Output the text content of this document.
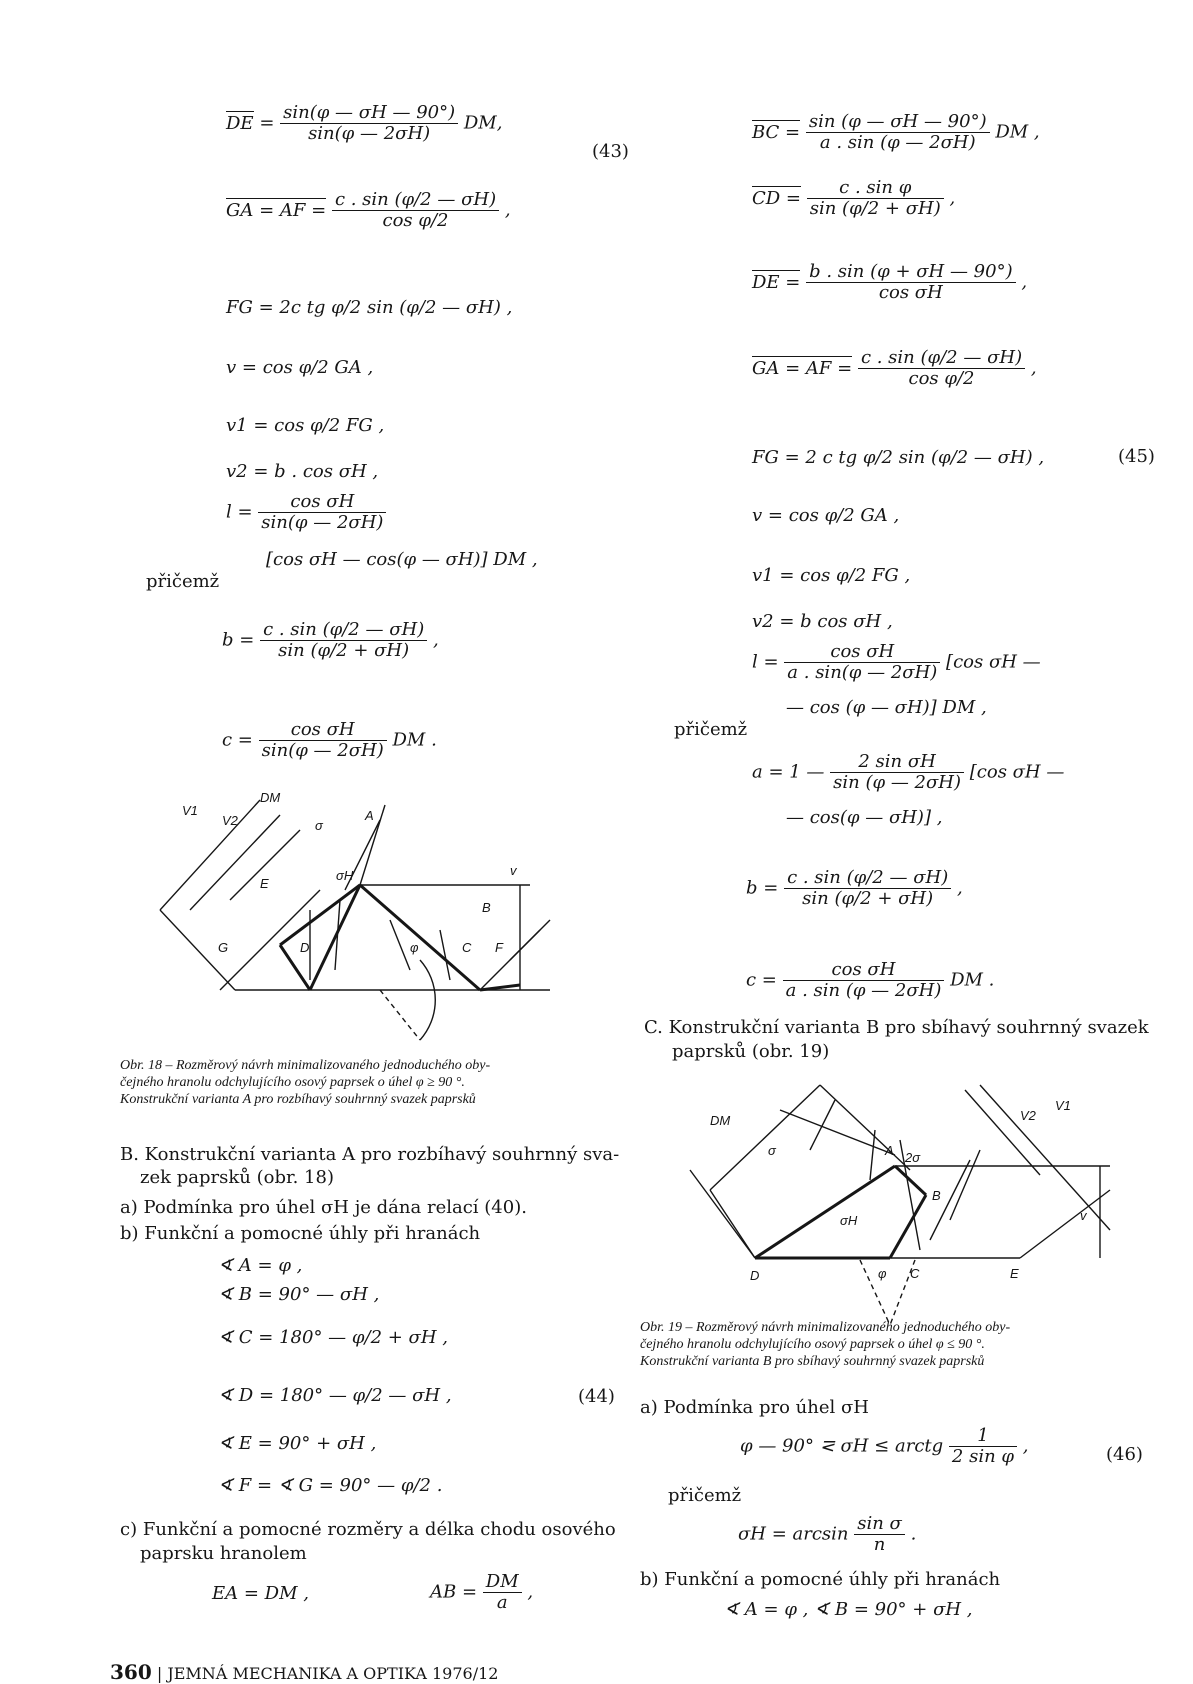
DE = $\frac{\sin(\varphi — \sigma H — 90^\circ)}{\sin(\varphi — 2\sigma H)}$ DM,
(43)
GA = AF = $\frac{c . \sin (\varphi/2 — \sigma H)}{\text{cos φ/2}}$ ,
FG = 2c tg φ/2 sin (φ/2 — σH) ,
v = cos φ/2 GA ,
v1 = cos φ/2 FG ,
v2 = b . cos σH ,
$l = \frac{\text{cos σH}}{\sin(\varphi — 2\sigma H)}$
[cos σH — cos(φ — σH)] DM ,
přičemž
$b = \frac{c . \sin (\varphi/2 — \sigma H)}{\sin (\varphi/2 + \sigma H)}$ ,
$c = \frac{\text{cos σH}}{\sin(\varphi — 2\sigma H)}$ DM .
V1
V2
DM
σ
A
E
σH	v
B
G	D	φ	C F
Obr. 18 – Rozměrový návrh minimalizovaného jednoduchého oby-
čejného hranolu odchylujícího osový paprsek o úhel φ ≥ 90 °.
Konstrukční varianta A pro rozbíhavý souhrnný svazek paprsků
B. Konstrukční varianta A pro rozbíhavý souhrnný sva-
zek paprsků (obr. 18)
a) Podmínka pro úhel σH je dána relací (40).
b) Funkční a pomocné úhly při hranách
∢ A = φ ,
∢ B = 90° — σH ,
∢ C = 180° — φ/2 + σH ,
∢ D = 180° — φ/2 — σH ,	(44)
∢ E = 90° + σH ,
∢ F = ∢ G = 90° — φ/2 .
c) Funkční a pomocné rozměry a délka chodu osového
paprsku hranolem
EA = DM ,	AB = $\frac{DM}{a}$ ,
360 | JEMNÁ MECHANIKA A OPTIKA 1976/12
BC = $\frac{\sin (\varphi — \sigma H — 90^\circ)}{a . \sin (\varphi — 2\sigma H)}$ DM ,
CD = $\frac{\text{c . sin φ}}{\sin (\varphi/2 + \sigma H)}$ ,
DE = $\frac{b . \sin (\varphi + \sigma H — 90^\circ)}{\text{cos σH}}$ ,
GA = AF = $\frac{c . \sin (\varphi/2 — \sigma H)}{\text{cos φ/2}}$ ,
FG = 2 c tg φ/2 sin (φ/2 — σH) ,	(45)
v = cos φ/2 GA ,
v1 = cos φ/2 FG ,
v2 = b cos σH ,
$l = \frac{\text{cos σH}}{a . \sin(\varphi — 2\sigma H)} [\cos$ σH —
— cos (φ — σH)] DM ,
přičemž
a = 1 — $\frac{\text{2 sin σH}}{\sin (\varphi — 2\sigma H)} [\cos$ σH —
— cos(φ — σH)] ,
$b = \frac{c . \sin (\varphi/2 — \sigma H)}{\sin (\varphi/2 + \sigma H)}$ ,
$c = \frac{\text{cos σH}}{a . \sin (\varphi — 2\sigma H)}$ DM .
C. Konstrukční varianta B pro sbíhavý souhrnný svazek
paprsků (obr. 19)
DM
σ	A 2σ
V2
V1
v
B
σH
D	φ C	E
Obr. 19 – Rozměrový návrh minimalizovaného jednoduchého oby-
čejného hranolu odchylujícího osový paprsek o úhel φ ≤ 90 °.
Konstrukční varianta B pro sbíhavý souhrnný svazek paprsků
a) Podmínka pro úhel σH
φ — 90° ⋜ σH ≤ arctg $\frac{1}{\text{2 sin φ}}$ ,	(46)
přičemž
$\sigma H = \arcsin \frac{\text{sin σ}}{n}$ .
b) Funkční a pomocné úhly při hranách
∢ A = φ , ∢ B = 90° + σH ,
